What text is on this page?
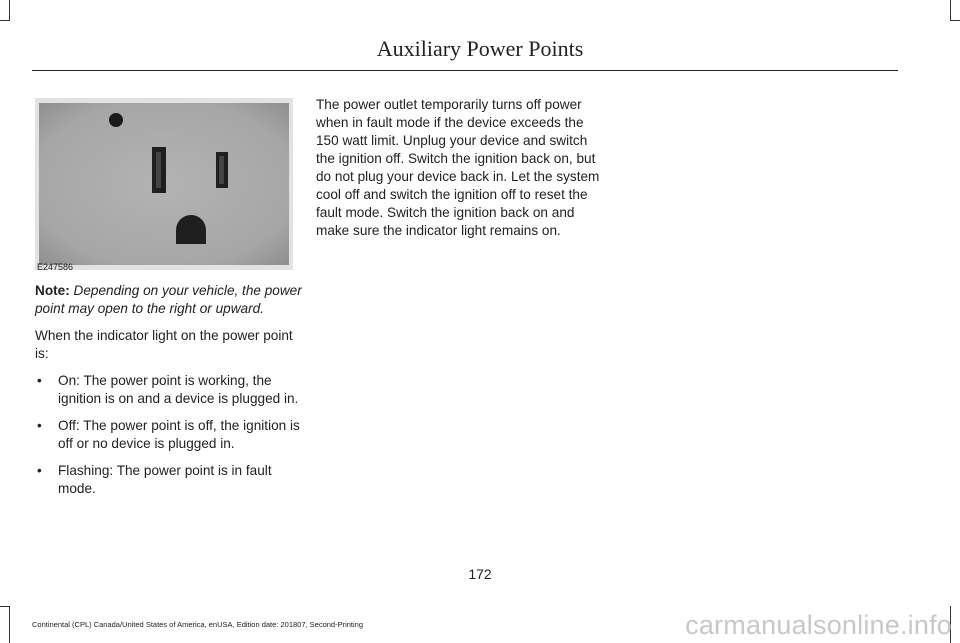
Auxiliary Power Points
E247586

Note: Depending on your vehicle, the power point may open to the right or upward.

When the indicator light on the power point is:

• On: The power point is working, the ignition is on and a device is plugged in.
• Off: The power point is off, the ignition is off or no device is plugged in.
• Flashing: The power point is in fault mode.

The power outlet temporarily turns off power when in fault mode if the device exceeds the 150 watt limit. Unplug your device and switch the ignition off. Switch the ignition back on, but do not plug your device back in. Let the system cool off and switch the ignition off to reset the fault mode. Switch the ignition back on and make sure the indicator light remains on.

172
Continental (CPL) Canada/United States of America, enUSA, Edition date: 201807, Second-Printing	carmanualsonline.info
